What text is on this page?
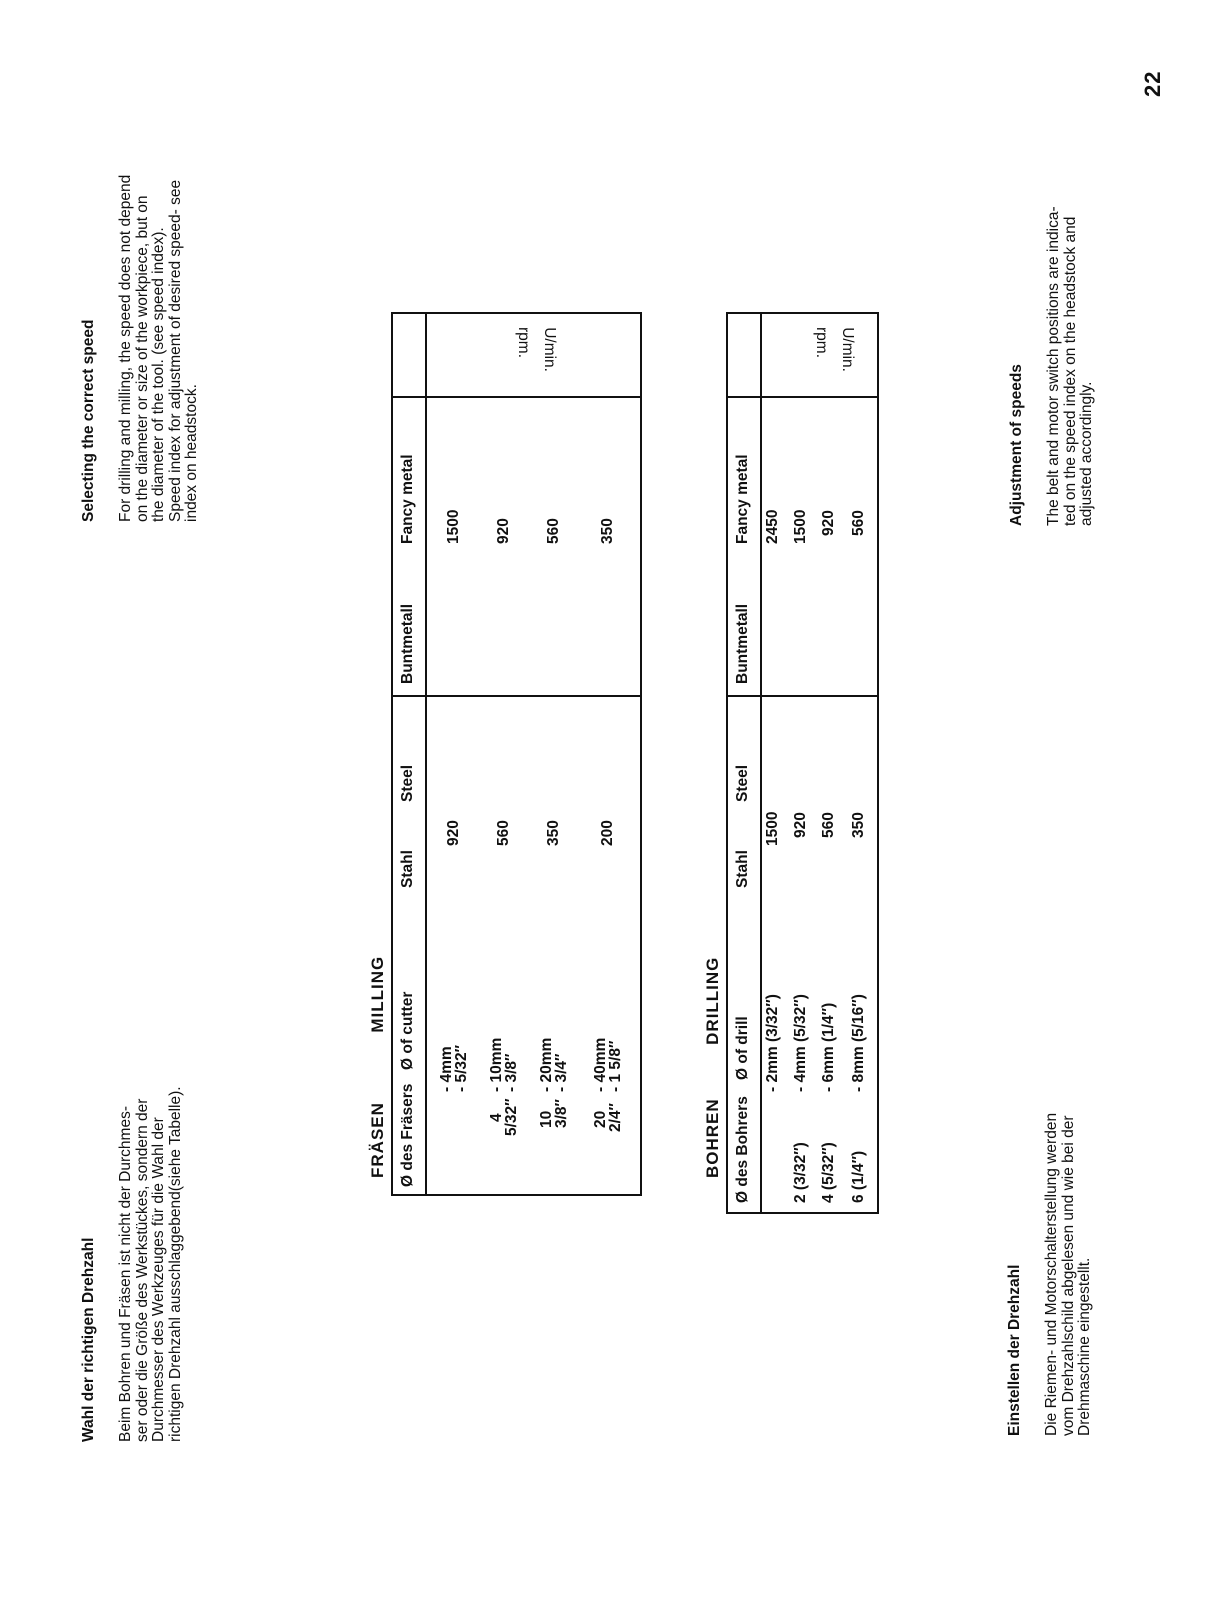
22
Wahl der richtigen Drehzahl Beim Bohren und Fräsen ist nicht der Durchmes- ser oder die Größe des Werkstückes, sondern der Durchmesser des Werkzeuges für die Wahl der richtigen Drehzahl ausschlaggebend(siehe Tabelle).
Selecting the correct speed For drilling and milling, the speed does not depend on the diameter or size of the workpiece, but on the diameter of the tool. (see speed index). Speed index for adjustment of desired speed- see index on headstock.
FRÄSEN  MILLING
Ø des Fräsers
Ø of cutter
Stahl
Steel
Buntmetall
Fancy metal
U/min.
rpm.
- 4mm
- 5/32″
920
1500
4
5/32″
- 10mm
- 3/8″
560
920
10
3/8″
- 20mm
- 3/4″
350
560
20
2/4″
- 40mm
- 1 5/8″
200
350
BOHREN  DRILLING
Ø des Bohrers
Ø of drill
Stahl
Steel
Buntmetall
Fancy metal
U/min.
rpm.
- 2mm (3/32″)
1500
2450
2 (3/32″)
- 4mm (5/32″)
920
1500
4 (5/32″)
- 6mm (1/4″)
560
920
6 (1/4″)
- 8mm (5/16″)
350
560
Einstellen der Drehzahl Die Riemen- und Motorschalterstellung werden vom Drehzahlschild abgelesen und wie bei der Drehmaschine eingestellt.
Adjustment of speeds The belt and motor switch positions are indica- ted on the speed index on the headstock and adjusted accordingly.
